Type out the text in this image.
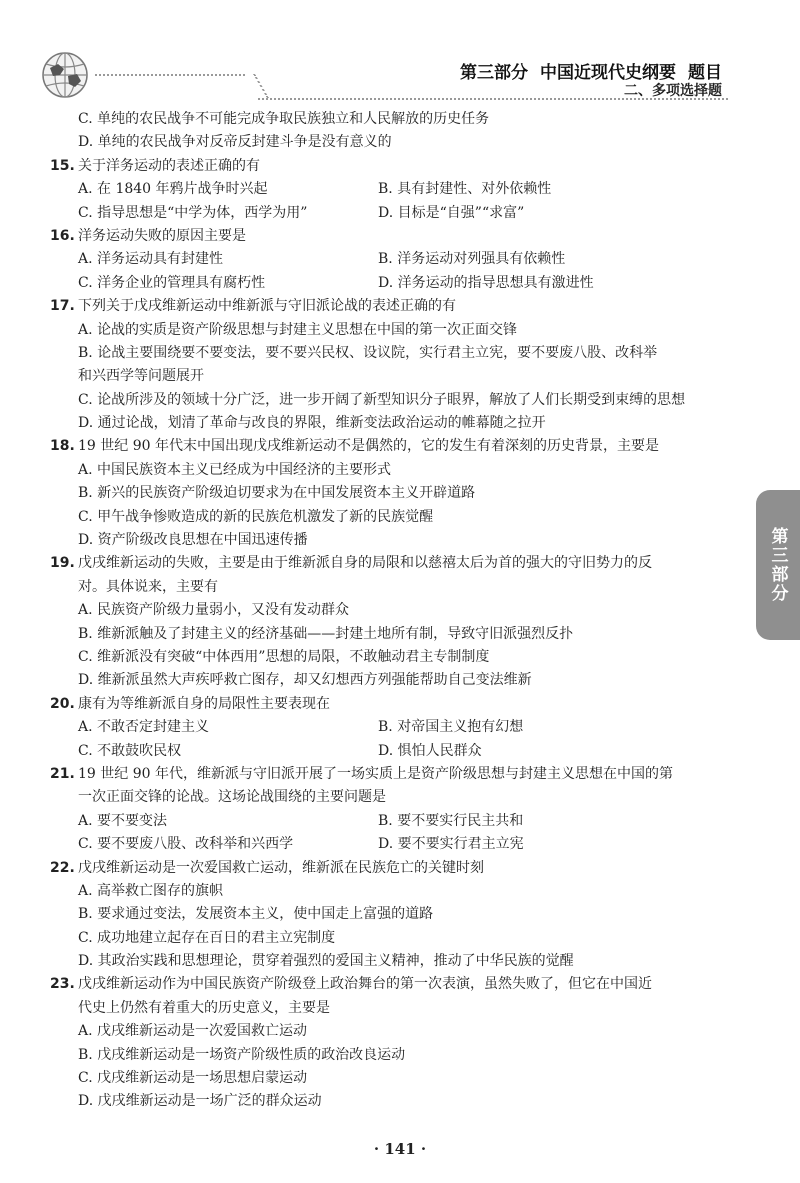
第三部分 中国近现代史纲要 题目
二、多项选择题
C. 单纯的农民战争不可能完成争取民族独立和人民解放的历史任务
D. 单纯的农民战争对反帝反封建斗争是没有意义的
15. 关于洋务运动的表述正确的有
A. 在 1840 年鸦片战争时兴起	B. 具有封建性、对外依赖性
C. 指导思想是“中学为体，西学为用”	D. 目标是“自强”“求富”
16. 洋务运动失败的原因主要是
A. 洋务运动具有封建性	B. 洋务运动对列强具有依赖性
C. 洋务企业的管理具有腐朽性	D. 洋务运动的指导思想具有激进性
17. 下列关于戊戌维新运动中维新派与守旧派论战的表述正确的有
A. 论战的实质是资产阶级思想与封建主义思想在中国的第一次正面交锋
B. 论战主要围绕要不要变法，要不要兴民权、设议院，实行君主立宪，要不要废八股、改科举
和兴西学等问题展开
C. 论战所涉及的领域十分广泛，进一步开阔了新型知识分子眼界，解放了人们长期受到束缚的思想
D. 通过论战，划清了革命与改良的界限，维新变法政治运动的帷幕随之拉开
18. 19 世纪 90 年代末中国出现戊戌维新运动不是偶然的，它的发生有着深刻的历史背景，主要是
A. 中国民族资本主义已经成为中国经济的主要形式
B. 新兴的民族资产阶级迫切要求为在中国发展资本主义开辟道路
C. 甲午战争惨败造成的新的民族危机激发了新的民族觉醒
D. 资产阶级改良思想在中国迅速传播
19. 戊戌维新运动的失败，主要是由于维新派自身的局限和以慈禧太后为首的强大的守旧势力的反
对。具体说来，主要有
A. 民族资产阶级力量弱小，又没有发动群众
B. 维新派触及了封建主义的经济基础——封建土地所有制，导致守旧派强烈反扑
C. 维新派没有突破“中体西用”思想的局限，不敢触动君主专制制度
D. 维新派虽然大声疾呼救亡图存，却又幻想西方列强能帮助自己变法维新
20. 康有为等维新派自身的局限性主要表现在
A. 不敢否定封建主义	B. 对帝国主义抱有幻想
C. 不敢鼓吹民权	D. 惧怕人民群众
21. 19 世纪 90 年代，维新派与守旧派开展了一场实质上是资产阶级思想与封建主义思想在中国的第
一次正面交锋的论战。这场论战围绕的主要问题是
A. 要不要变法	B. 要不要实行民主共和
C. 要不要废八股、改科举和兴西学	D. 要不要实行君主立宪
22. 戊戌维新运动是一次爱国救亡运动，维新派在民族危亡的关键时刻
A. 高举救亡图存的旗帜
B. 要求通过变法，发展资本主义，使中国走上富强的道路
C. 成功地建立起存在百日的君主立宪制度
D. 其政治实践和思想理论，贯穿着强烈的爱国主义精神，推动了中华民族的觉醒
23. 戊戌维新运动作为中国民族资产阶级登上政治舞台的第一次表演，虽然失败了，但它在中国近
代史上仍然有着重大的历史意义，主要是
A. 戊戌维新运动是一次爱国救亡运动
B. 戊戌维新运动是一场资产阶级性质的政治改良运动
C. 戊戌维新运动是一场思想启蒙运动
D. 戊戌维新运动是一场广泛的群众运动
第三部分
· 141 ·
